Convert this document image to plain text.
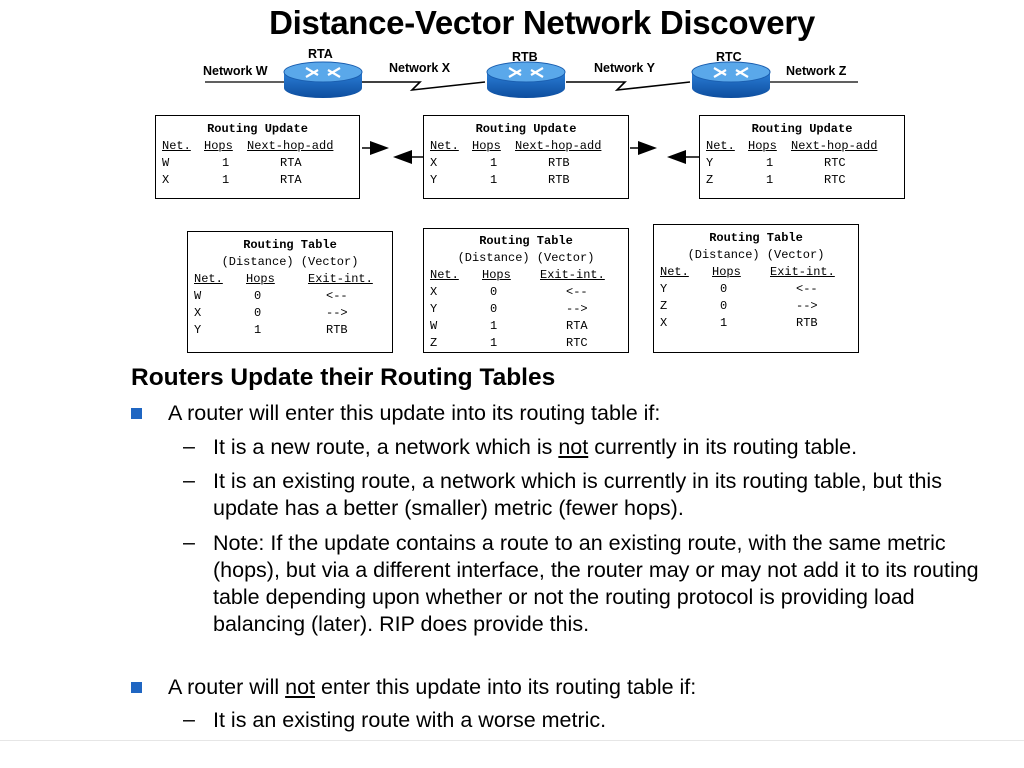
Distance-Vector Network Discovery
Network W	Network X	Network Y	Network Z
RTA	RTB	RTC
Routing Update
Net.	Hops	Next-hop-add
W	1	RTA
X	1	RTA
Routing Update
Net.	Hops	Next-hop-add
X	1	RTB
Y	1	RTB
Routing Update
Net.	Hops	Next-hop-add
Y	1	RTC
Z	1	RTC
Routing Table
(Distance) (Vector)
Net.	Hops	Exit-int.
W	0	<--
X	0	-->
Y	1	RTB
Routing Table
(Distance) (Vector)
Net.	Hops	Exit-int.
X	0	<--
Y	0	-->
W	1	RTA
Z	1	RTC
Routing Table
(Distance) (Vector)
Net.	Hops	Exit-int.
Y	0	<--
Z	0	-->
X	1	RTB
Routers Update their Routing Tables
A router will enter this update into its routing table if:
– It is a new route, a network which is not currently in its routing table.
– It is an existing route, a network which is currently in its routing table, but this update has a better (smaller) metric (fewer hops).
– Note: If the update contains a route to an existing route, with the same metric (hops), but via a different interface, the router may or may not add it to its routing table depending upon whether or not the routing protocol is providing load balancing (later). RIP does provide this.
A router will not enter this update into its routing table if:
– It is an existing route with a worse metric.
